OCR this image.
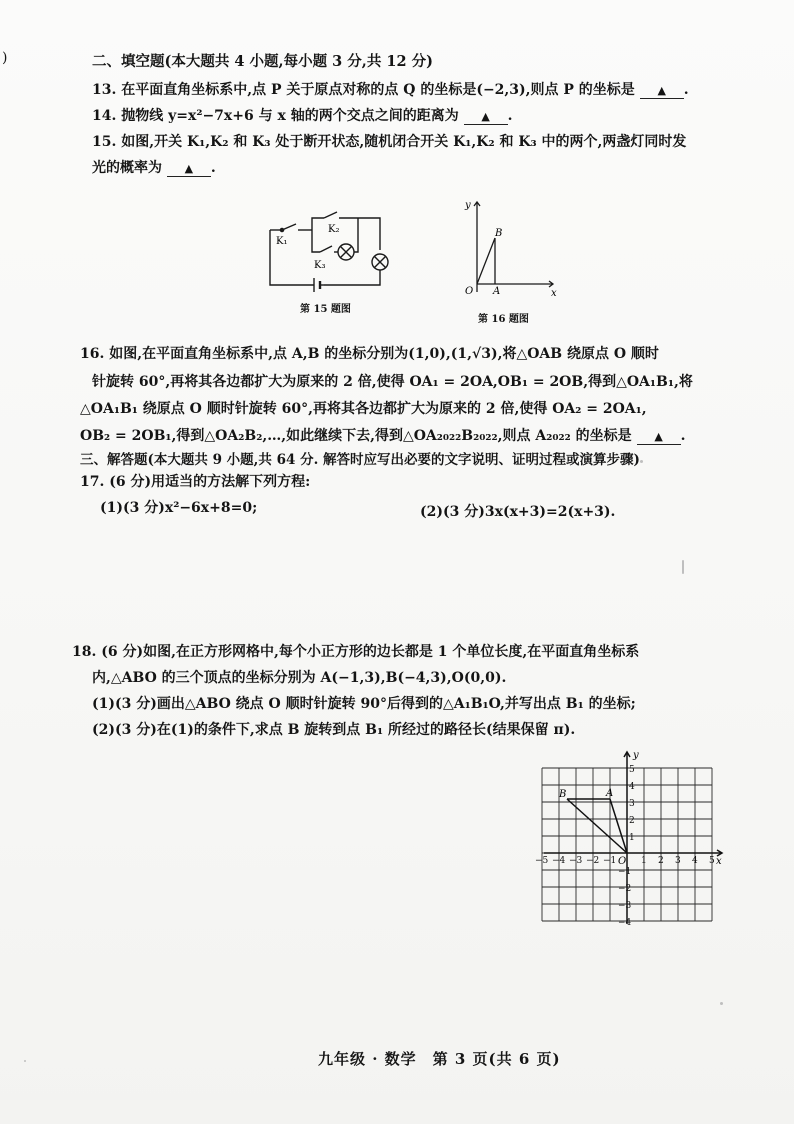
)	二、填空题(本大题共 4 小题,每小题 3 分,共 12 分)
13. 在平面直角坐标系中,点 P 关于原点对称的点 Q 的坐标是(−2,3),则点 P 的坐标是 ▲ .
14. 抛物线 y=x²−7x+6 与 x 轴的两个交点之间的距离为 ▲ .
15. 如图,开关 K₁,K₂ 和 K₃ 处于断开状态,随机闭合开关 K₁,K₂ 和 K₃ 中的两个,两盏灯同时发
光的概率为 ▲ .
K₁
K₂
K₃
第 15 题图
y
x
O A
B
第 16 题图
16. 如图,在平面直角坐标系中,点 A,B 的坐标分别为(1,0),(1,√3),将△OAB 绕原点 O 顺时
针旋转 60°,再将其各边都扩大为原来的 2 倍,使得 OA₁ = 2OA,OB₁ = 2OB,得到△OA₁B₁,将
△OA₁B₁ 绕原点 O 顺时针旋转 60°,再将其各边都扩大为原来的 2 倍,使得 OA₂ = 2OA₁,
OB₂ = 2OB₁,得到△OA₂B₂,…,如此继续下去,得到△OA₂₀₂₂B₂₀₂₂,则点 A₂₀₂₂ 的坐标是 ▲ .
三、解答题(本大题共 9 小题,共 64 分. 解答时应写出必要的文字说明、证明过程或演算步骤)
17. (6 分)用适当的方法解下列方程:
(1)(3 分)x²−6x+8=0;	(2)(3 分)3x(x+3)=2(x+3).
18. (6 分)如图,在正方形网格中,每个小正方形的边长都是 1 个单位长度,在平面直角坐标系
内,△ABO 的三个顶点的坐标分别为 A(−1,3),B(−4,3),O(0,0).
(1)(3 分)画出△ABO 绕点 O 顺时针旋转 90°后得到的△A₁B₁O,并写出点 B₁ 的坐标;
(2)(3 分)在(1)的条件下,求点 B 旋转到点 B₁ 所经过的路径长(结果保留 π).
−5 −4 −3 −2 −1	1 2 3 4 5
5
4
3
2
1
−1
−2
−3
−4
y
x
O
A
B
九年级 · 数学　第 3 页(共 6 页)
